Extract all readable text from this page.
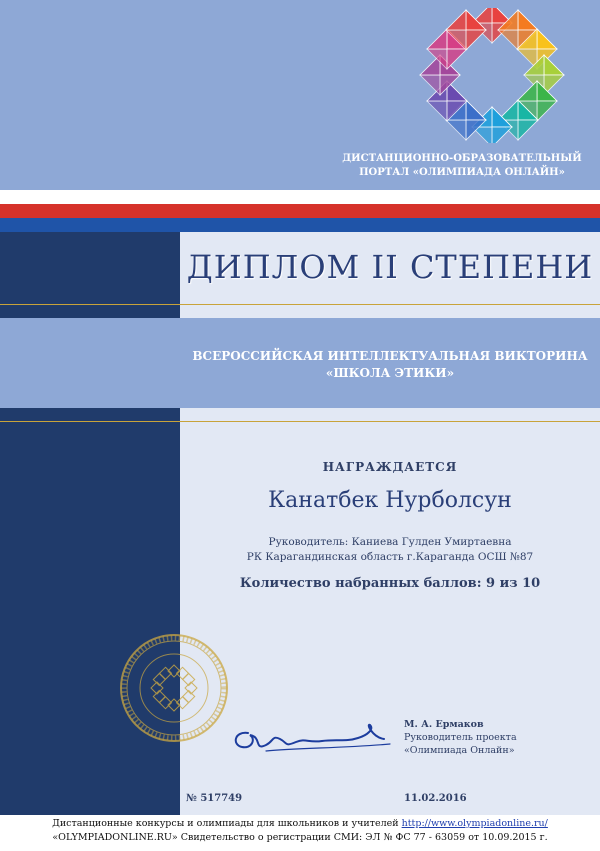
ДИСТАНЦИОННО-ОБРАЗОВАТЕЛЬНЫЙ
ПОРТАЛ «ОЛИМПИАДА ОНЛАЙН»
ДИПЛОМ II СТЕПЕНИ
ВСЕРОССИЙСКАЯ ИНТЕЛЛЕКТУАЛЬНАЯ ВИКТОРИНА
«ШКОЛА ЭТИКИ»
НАГРАЖДАЕТСЯ
Канатбек Нурболсун
Руководитель: Каниева Гулден Умиртаевна
РК Карагандинская область г.Караганда ОСШ №87
Количество набранных баллов: 9 из 10
М. А. Ермаков
Руководитель проекта
«Олимпиада Онлайн»
№ 517749	11.02.2016
Дистанционные конкурсы и олимпиады для школьников и учителей http://www.olympiadonline.ru/
«OLYMPIADONLINE.RU» Свидетельство о регистрации СМИ: ЭЛ № ФС 77 - 63059 от 10.09.2015 г.
